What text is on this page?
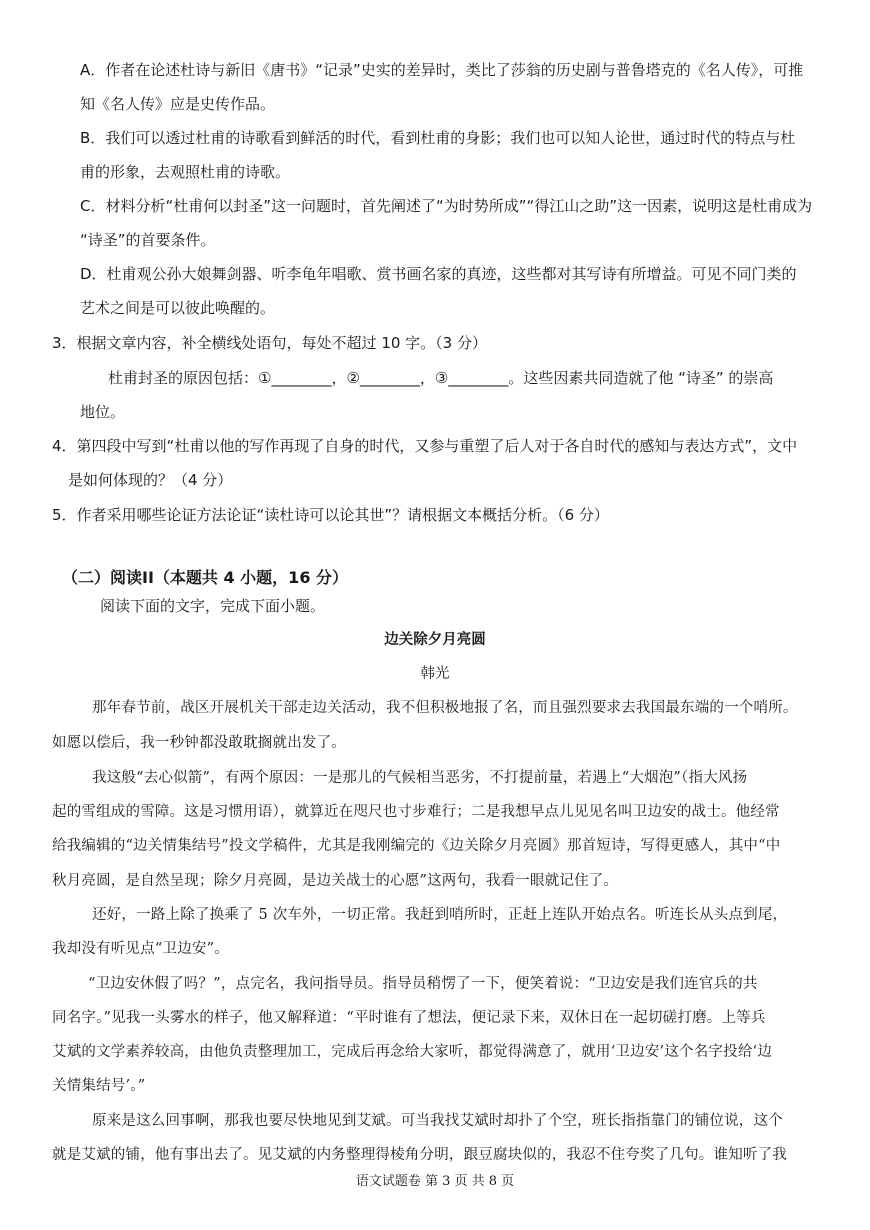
A．作者在论述杜诗与新旧《唐书》“记录”史实的差异时，类比了莎翁的历史剧与普鲁塔克的《名人传》，可推
知《名人传》应是史传作品。
B．我们可以透过杜甫的诗歌看到鲜活的时代，看到杜甫的身影；我们也可以知人论世，通过时代的特点与杜
甫的形象，去观照杜甫的诗歌。
C．材料分析“杜甫何以封圣”这一问题时，首先阐述了“为时势所成”“得江山之助”这一因素，说明这是杜甫成为
“诗圣”的首要条件。
D．杜甫观公孙大娘舞剑器、听李龟年唱歌、赏书画名家的真迹，这些都对其写诗有所增益。可见不同门类的
艺术之间是可以彼此唤醒的。
3．根据文章内容，补全横线处语句，每处不超过 10 字。（3 分）
杜甫封圣的原因包括：①________，②________，③________。这些因素共同造就了他 “诗圣” 的崇高
地位。
4．第四段中写到“杜甫以他的写作再现了自身的时代，又参与重塑了后人对于各自时代的感知与表达方式”，文中
是如何体现的？（4 分）
5．作者采用哪些论证方法论证“读杜诗可以论其世”？请根据文本概括分析。（6 分）
（二）阅读II（本题共 4 小题，16 分）
阅读下面的文字，完成下面小题。
边关除夕月亮圆
韩光
那年春节前，战区开展机关干部走边关活动，我不但积极地报了名，而且强烈要求去我国最东端的一个哨所。
如愿以偿后，我一秒钟都没敢耽搁就出发了。
我这般“去心似箭”，有两个原因：一是那儿的气候相当恶劣，不打提前量，若遇上“大烟泡”（指大风扬
起的雪组成的雪障。这是习惯用语），就算近在咫尺也寸步难行；二是我想早点儿见见名叫卫边安的战士。他经常
给我编辑的“边关情集结号”投文学稿件，尤其是我刚编完的《边关除夕月亮圆》那首短诗，写得更感人，其中“中
秋月亮圆，是自然呈现；除夕月亮圆，是边关战士的心愿”这两句，我看一眼就记住了。
还好，一路上除了换乘了 5 次车外，一切正常。我赶到哨所时，正赶上连队开始点名。听连长从头点到尾，
我却没有听见点“卫边安”。
“卫边安休假了吗？”，点完名，我问指导员。指导员稍愣了一下，便笑着说：“卫边安是我们连官兵的共
同名字。”见我一头雾水的样子，他又解释道：“平时谁有了想法，便记录下来，双休日在一起切磋打磨。上等兵
艾斌的文学素养较高，由他负责整理加工，完成后再念给大家听，都觉得满意了，就用‘卫边安’这个名字投给‘边
关情集结号’。”
原来是这么回事啊，那我也要尽快地见到艾斌。可当我找艾斌时却扑了个空，班长指指靠门的铺位说，这个
就是艾斌的铺，他有事出去了。见艾斌的内务整理得棱角分明，跟豆腐块似的，我忍不住夸奖了几句。谁知听了我
语文试题卷 第 3 页 共 8 页
